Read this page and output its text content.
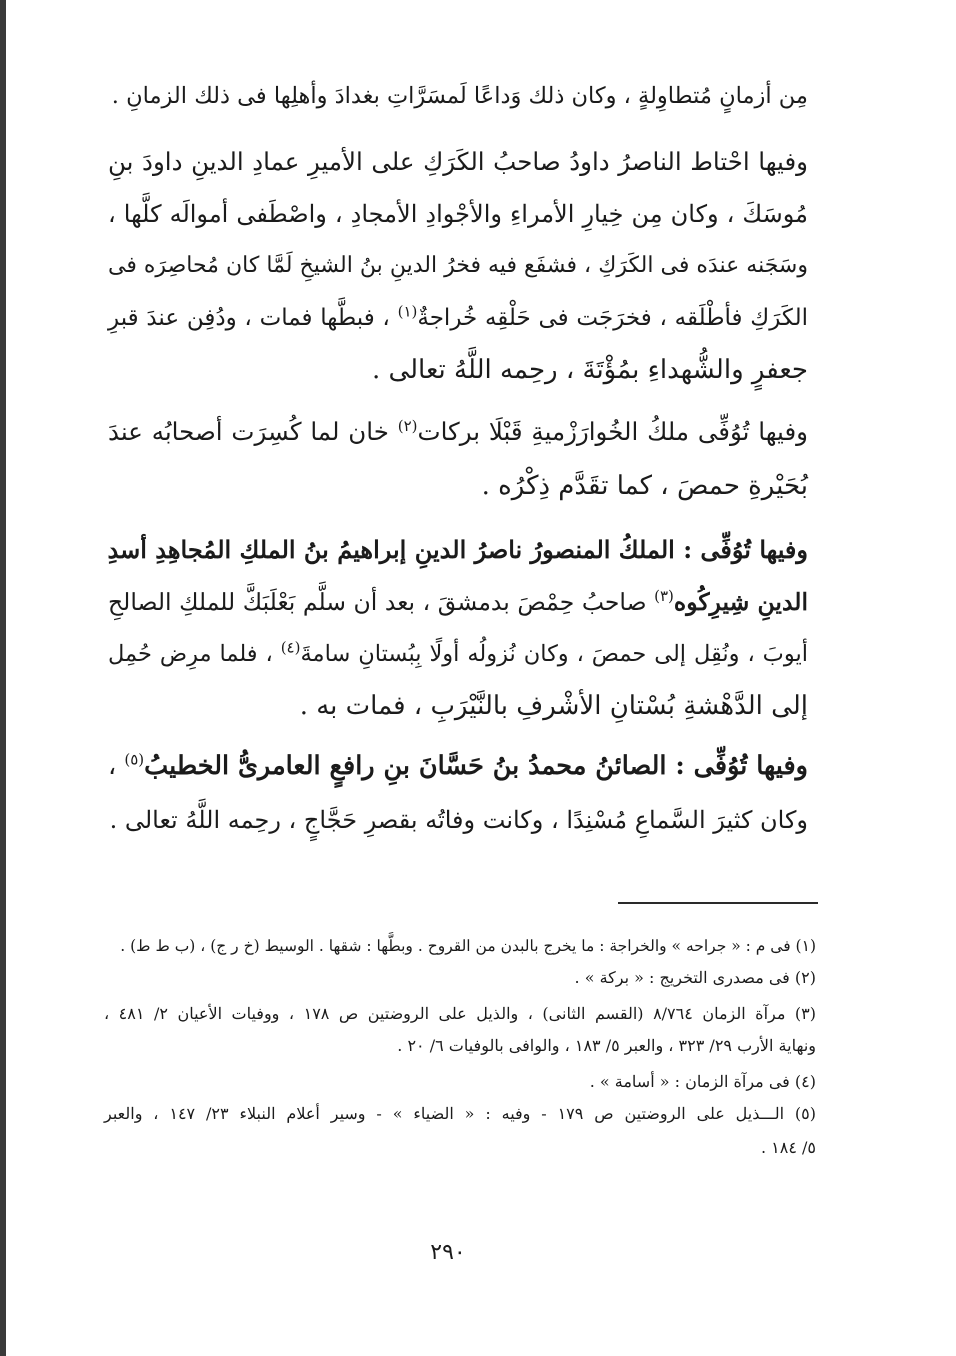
مِن أزمانٍ مُتطاوِلةٍ ، وكان ذلك وَداعًا لَمسَرَّاتِ بغدادَ وأهلِها فى ذلك الزمانِ .
وفيها احْتاط الناصرُ داودُ صاحبُ الكَرَكِ على الأميرِ عمادِ الدينِ داودَ بنِ
مُوسَكَ ، وكان مِن خِيارِ الأمراءِ والأجْوادِ الأمجادِ ، واصْطَفى أموالَه كلَّها ،
وسَجَنه عندَه فى الكَرَكِ ، فشفَع فيه فخرُ الدينِ بنُ الشيخِ لَمَّا كان مُحاصِرَه فى
الكَرَكِ فأطْلَقه ، فخرَجَت فى حَلْقِه خُراجةٌ$^{(١)}$ ، فبطَّها فمات ، ودُفِن عندَ قبرِ
جعفرٍ والشُّهداءِ بمُؤْتَةَ ، رحِمه اللَّهُ تعالى .
وفيها تُوُفِّى ملكُ الخُوارَزْميةِ قَبْلَا بركات$^{(٢)}$ خان لما كُسِرَت أصحابُه عندَ
بُحَيْرةِ حمصَ ، كما تقَدَّم ذِكْرُه .
وفيها تُوُفِّى : الملكُ المنصورُ ناصرُ الدينِ إبراهيمُ بنُ الملكِ المُجاهِدِ أسدِ
الدينِ شِيرِكُوه$^{(٣)}$ صاحبُ حِمْصَ بدمشقَ ، بعد أن سلَّم بَعْلَبَكَّ للملكِ الصالحِ
أيوبَ ، ونُقِل إلى حمصَ ، وكان نُزولُه أولًا بِبُستانِ سامةَ$^{(٤)}$ ، فلما مرِض حُمِل
إلى الدَّهْشةِ بُسْتانِ الأشْرفِ بالنَّيْرَبِ ، فمات به .
وفيها تُوُفِّى : الصائنُ محمدُ بنُ حَسَّانَ بنِ رافعٍ العامرىُّ الخطيبُ$^{(٥)}$ ،
وكان كثيرَ السَّماعِ مُسْنِدًا ، وكانت وفاتُه بقصرِ حَجَّاجٍ ، رحِمه اللَّهُ تعالى .
(١) فى م : « جراحه » والخراجة : ما يخرج بالبدن من القروح . وبطَّها : شقها . الوسيط (خ ر ج) ، (ب ط ط) .
(٢) فى مصدرى التخريج : « بركة » .
(٣) مرآة الزمان ٨/٧٦٤ (القسم الثانى) ، والذيل على الروضتين ص ١٧٨ ، ووفيات الأعيان ٢/ ٤٨١ ،
ونهاية الأرب ٢٩/ ٣٢٣ ، والعبر ٥/ ١٨٣ ، والوافى بالوفيات ٦/ ٢٠ .
(٤) فى مرآة الزمان : « أسامة » .
(٥) الـــذيل على الروضتين ص ١٧٩ - وفيه : « الضياء » - وسير أعلام النبلاء ٢٣/ ١٤٧ ، والعبر
٥/ ١٨٤ .
٢٩٠
